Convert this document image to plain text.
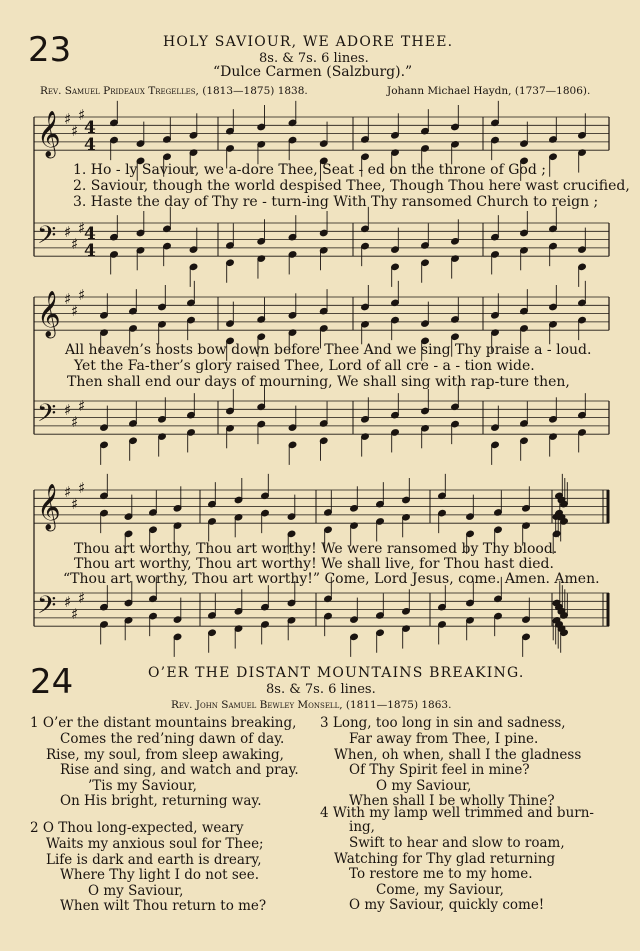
23	HOLY SAVIOUR, WE ADORE THEE.
8s. & 7s. 6 lines.
“Dulce Carmen (Salzburg).”
Rev. Samuel Prideaux Tregelles, (1813—1875) 1838.	Johann Michael Haydn, (1737—1806).
𝄞 ♯
♯
♯
4
4
𝄢 ♯
♯
♯
4
4
𝄞 ♯
♯
♯
𝄢 ♯
♯
♯
𝄞 ♯
♯
♯
𝄢 ♯
♯
♯
1. Ho - ly Saviour, we a-dore Thee, Seat - ed on the throne of God ;
2. Saviour, though the world despised Thee, Though Thou here wast crucified,
3. Haste the day of Thy re - turn-ing With Thy ransomed Church to reign ;
All heaven’s hosts bow down before Thee And we sing Thy praise a - loud.
Yet the Fa-ther’s glory raised Thee, Lord of all cre - a - tion wide.
Then shall end our days of mourning, We shall sing with rap-ture then,
Thou art worthy, Thou art worthy! We were ransomed by Thy blood.
Thou art worthy, Thou art worthy! We shall live, for Thou hast died.
“Thou art worthy, Thou art worthy!” Come, Lord Jesus, come. Amen. Amen.
24	O’ER THE DISTANT MOUNTAINS BREAKING.
8s. & 7s. 6 lines.
Rev. John Samuel Bewley Monsell, (1811—1875) 1863.
1 O’er the distant mountains breaking,
Comes the red’ning dawn of day.
Rise, my soul, from sleep awaking,
Rise and sing, and watch and pray.
’Tis my Saviour,
On His bright, returning way.
2 O Thou long-expected, weary
Waits my anxious soul for Thee;
Life is dark and earth is dreary,
Where Thy light I do not see.
O my Saviour,
When wilt Thou return to me?
3 Long, too long in sin and sadness,
Far away from Thee, I pine.
When, oh when, shall I the gladness
Of Thy Spirit feel in mine?
O my Saviour,
When shall I be wholly Thine?
4 With my lamp well trimmed and burn-
ing,
Swift to hear and slow to roam,
Watching for Thy glad returning
To restore me to my home.
Come, my Saviour,
O my Saviour, quickly come!
